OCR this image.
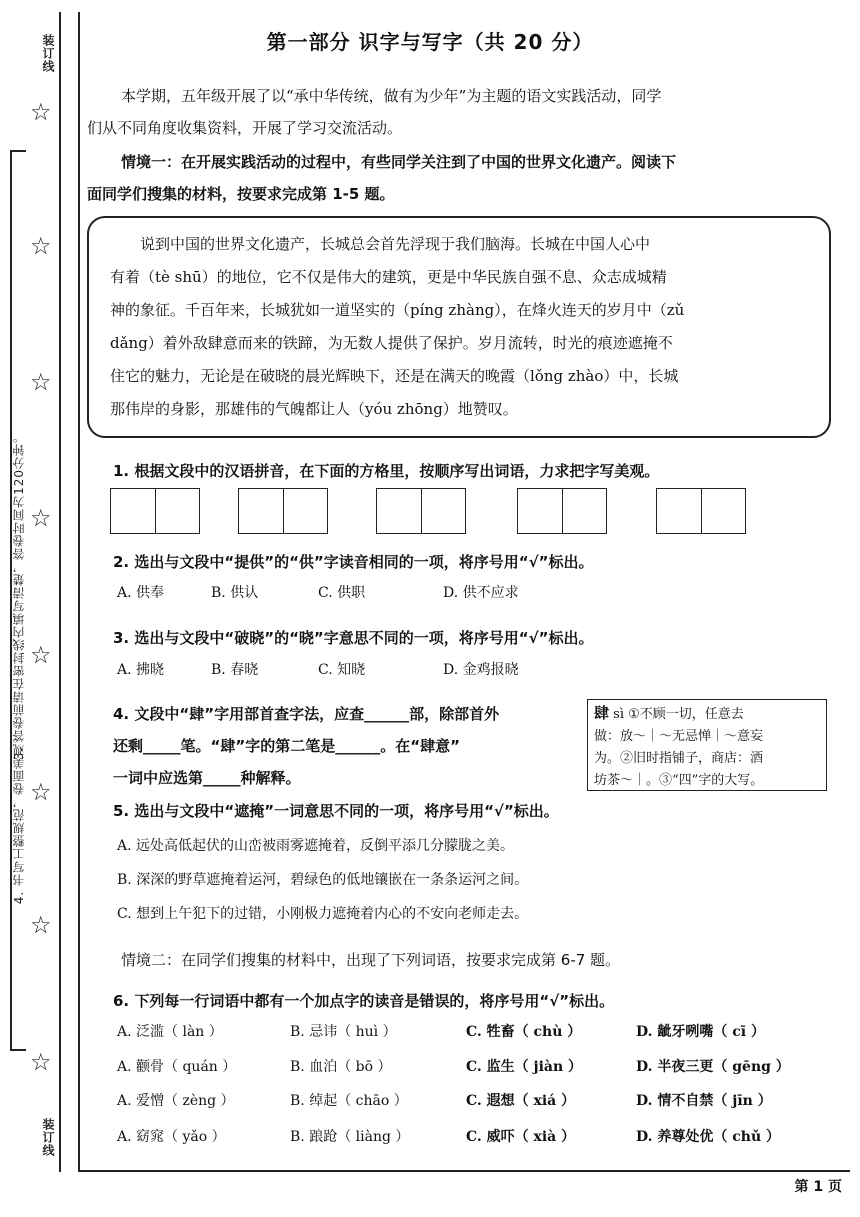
装订线
装订线
3. 答卷前请在密封线内填写清楚，答卷时间为120分钟。
4. 书写工整规范，卷面美观。
☆
☆
☆
☆
☆
☆
☆
☆
第一部分 识字与写字（共 20 分）
本学期，五年级开展了以“承中华传统，做有为少年”为主题的语文实践活动，同学
们从不同角度收集资料，开展了学习交流活动。
情境一：在开展实践活动的过程中，有些同学关注到了中国的世界文化遗产。阅读下
面同学们搜集的材料，按要求完成第 1-5 题。
说到中国的世界文化遗产，长城总会首先浮现于我们脑海。长城在中国人心中
有着（tè shū）的地位，它不仅是伟大的建筑，更是中华民族自强不息、众志成城精
神的象征。千百年来，长城犹如一道坚实的（píng zhàng），在烽火连天的岁月中（zǔ
dǎng）着外敌肆意而来的铁蹄，为无数人提供了保护。岁月流转，时光的痕迹遮掩不
住它的魅力，无论是在破晓的晨光辉映下，还是在满天的晚霞（lǒng zhào）中，长城
那伟岸的身影，那雄伟的气魄都让人（yóu zhōng）地赞叹。
1. 根据文段中的汉语拼音，在下面的方格里，按顺序写出词语，力求把字写美观。
2. 选出与文段中“提供”的“供”字读音相同的一项，将序号用“√”标出。
A. 供奉	B. 供认	C. 供职	D. 供不应求
3. 选出与文段中“破晓”的“晓”字意思不同的一项，将序号用“√”标出。
A. 拂晓	B. 春晓	C. 知晓	D. 金鸡报晓
4. 文段中“肆”字用部首查字法，应查______部，除部首外
还剩_____笔。“肆”字的第二笔是______。在“肆意”
一词中应选第_____种解释。
肆 sì ①不顾一切，任意去
做：放～｜～无忌惮｜～意妄
为。②旧时指铺子，商店：酒
坊茶～｜。③“四”字的大写。
5. 选出与文段中“遮掩”一词意思不同的一项，将序号用“√”标出。
A. 远处高低起伏的山峦被雨雾遮掩着，反倒平添几分朦胧之美。
B. 深深的野草遮掩着运河，碧绿色的低地镶嵌在一条条运河之间。
C. 想到上午犯下的过错，小刚极力遮掩着内心的不安向老师走去。
情境二：在同学们搜集的材料中，出现了下列词语，按要求完成第 6-7 题。
6. 下列每一行词语中都有一个加点字的读音是错误的，将序号用“√”标出。
A. 泛滥（ làn ）	B. 忌讳（ huì ）	C. 牲畜（ chù ）	D. 龇牙咧嘴（ cī ）
A. 颧骨（ quán ）	B. 血泊（ bō ）	C. 监生（ jiàn ）	D. 半夜三更（ gēng ）
A. 爱憎（ zèng ）	B. 绰起（ chāo ）	C. 遐想（ xiá ）	D. 情不自禁（ jīn ）
A. 窈窕（ yǎo ）	B. 踉跄（ liàng ）	C. 威吓（ xià ）	D. 养尊处优（ chǔ ）
第 1 页
